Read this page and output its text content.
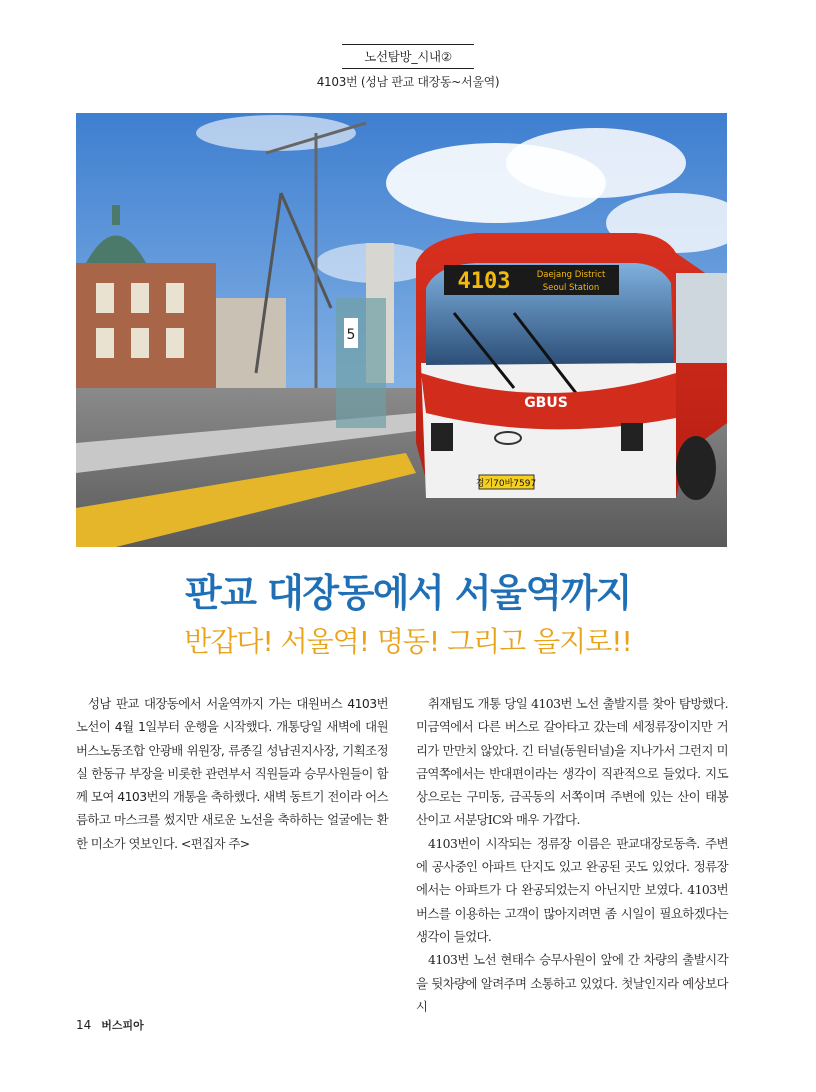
노선탐방_시내②
4103번 (성남 판교 대장동~서울역)
5
4103	Daejang District
Seoul Station
GBUS
경기70바7597
판교 대장동에서 서울역까지
반갑다! 서울역! 명동! 그리고 을지로!!

성남 판교 대장동에서 서울역까지 가는 대원버스 4103번 노선이 4월 1일부터 운행을 시작했다. 개통당일 새벽에 대원버스노동조합 안광배 위원장, 류종길 성남권지사장, 기획조정실 한동규 부장을 비롯한 관련부서 직원들과 승무사원들이 함께 모여 4103번의 개통을 축하했다. 새벽 동트기 전이라 어스름하고 마스크를 썼지만 새로운 노선을 축하하는 얼굴에는 환한 미소가 엿보인다. <편집자 주>

취재팀도 개통 당일 4103번 노선 출발지를 찾아 탐방했다. 미금역에서 다른 버스로 갈아타고 갔는데 세정류장이지만 거리가 만만치 않았다. 긴 터널(동원터널)을 지나가서 그런지 미금역쪽에서는 반대편이라는 생각이 직관적으로 들었다. 지도상으로는 구미동, 금곡동의 서쪽이며 주변에 있는 산이 태봉산이고 서분당IC와 매우 가깝다.

4103번이 시작되는 정류장 이름은 판교대장로동측. 주변에 공사중인 아파트 단지도 있고 완공된 곳도 있었다. 정류장에서는 아파트가 다 완공되었는지 아닌지만 보였다. 4103번 버스를 이용하는 고객이 많아지려면 좀 시일이 필요하겠다는 생각이 들었다.

4103번 노선 현태수 승무사원이 앞에 간 차량의 출발시각을 뒷차량에 알려주며 소통하고 있었다. 첫날인지라 예상보다 시

14 버스피아
